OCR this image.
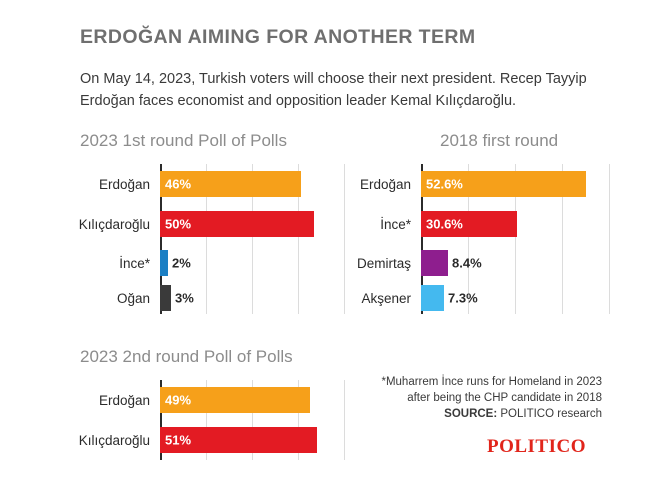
ERDOĞAN AIMING FOR ANOTHER TERM
On May 14, 2023, Turkish voters will choose their next president. Recep Tayyip Erdoğan faces economist and opposition leader Kemal Kılıçdaroğlu.
2023 1st round Poll of Polls
Erdoğan	46%
Kılıçdaroğlu	50%
İnce*	2%
Oğan	3%
2018 first round
Erdoğan	52.6%
İnce*	30.6%
Demirtaş	8.4%
Akşener	7.3%
2023 2nd round Poll of Polls
Erdoğan	49%
Kılıçdaroğlu	51%
*Muharrem İnce runs for Homeland in 2023
after being the CHP candidate in 2018
SOURCE: POLITICO research
POLITICO
